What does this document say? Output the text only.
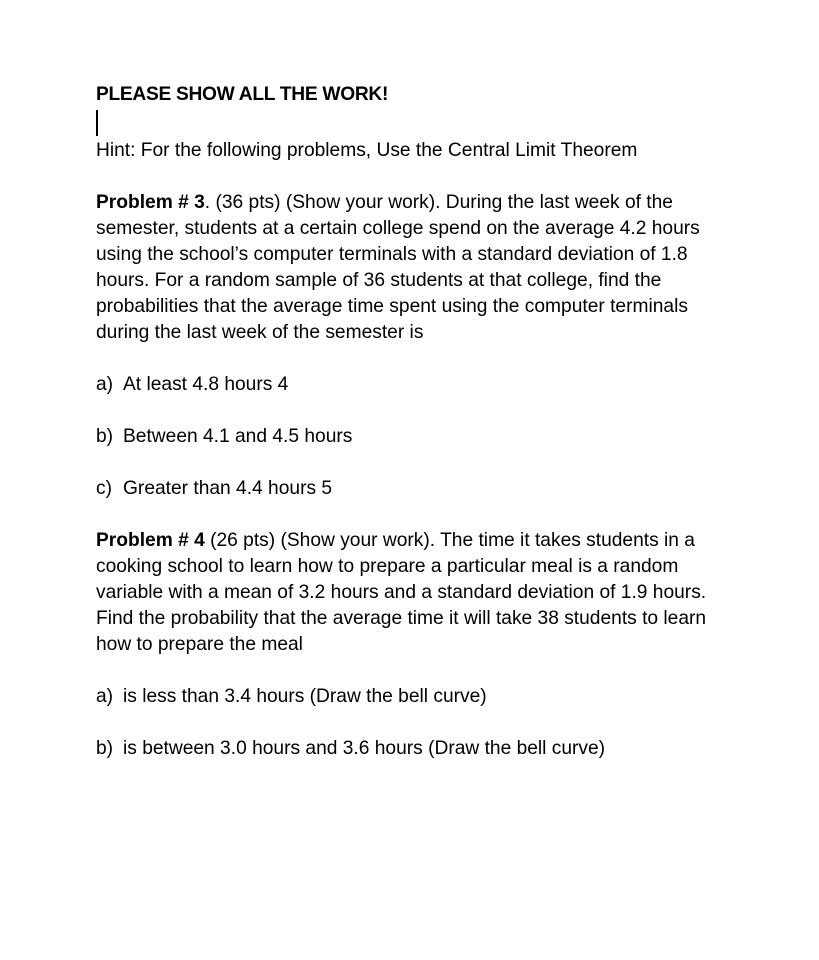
PLEASE SHOW ALL THE WORK!

Hint: For the following problems, Use the Central Limit Theorem

Problem # 3. (36 pts) (Show your work). During the last week of the semester, students at a certain college spend on the average 4.2 hours using the school’s computer terminals with a standard deviation of 1.8 hours. For a random sample of 36 students at that college, find the probabilities that the average time spent using the computer terminals during the last week of the semester is

a) At least 4.8 hours 4
b) Between 4.1 and 4.5 hours
c) Greater than 4.4 hours 5

Problem # 4 (26 pts) (Show your work). The time it takes students in a cooking school to learn how to prepare a particular meal is a random variable with a mean of 3.2 hours and a standard deviation of 1.9 hours. Find the probability that the average time it will take 38 students to learn how to prepare the meal

a) is less than 3.4 hours (Draw the bell curve)
b) is between 3.0 hours and 3.6 hours (Draw the bell curve)
